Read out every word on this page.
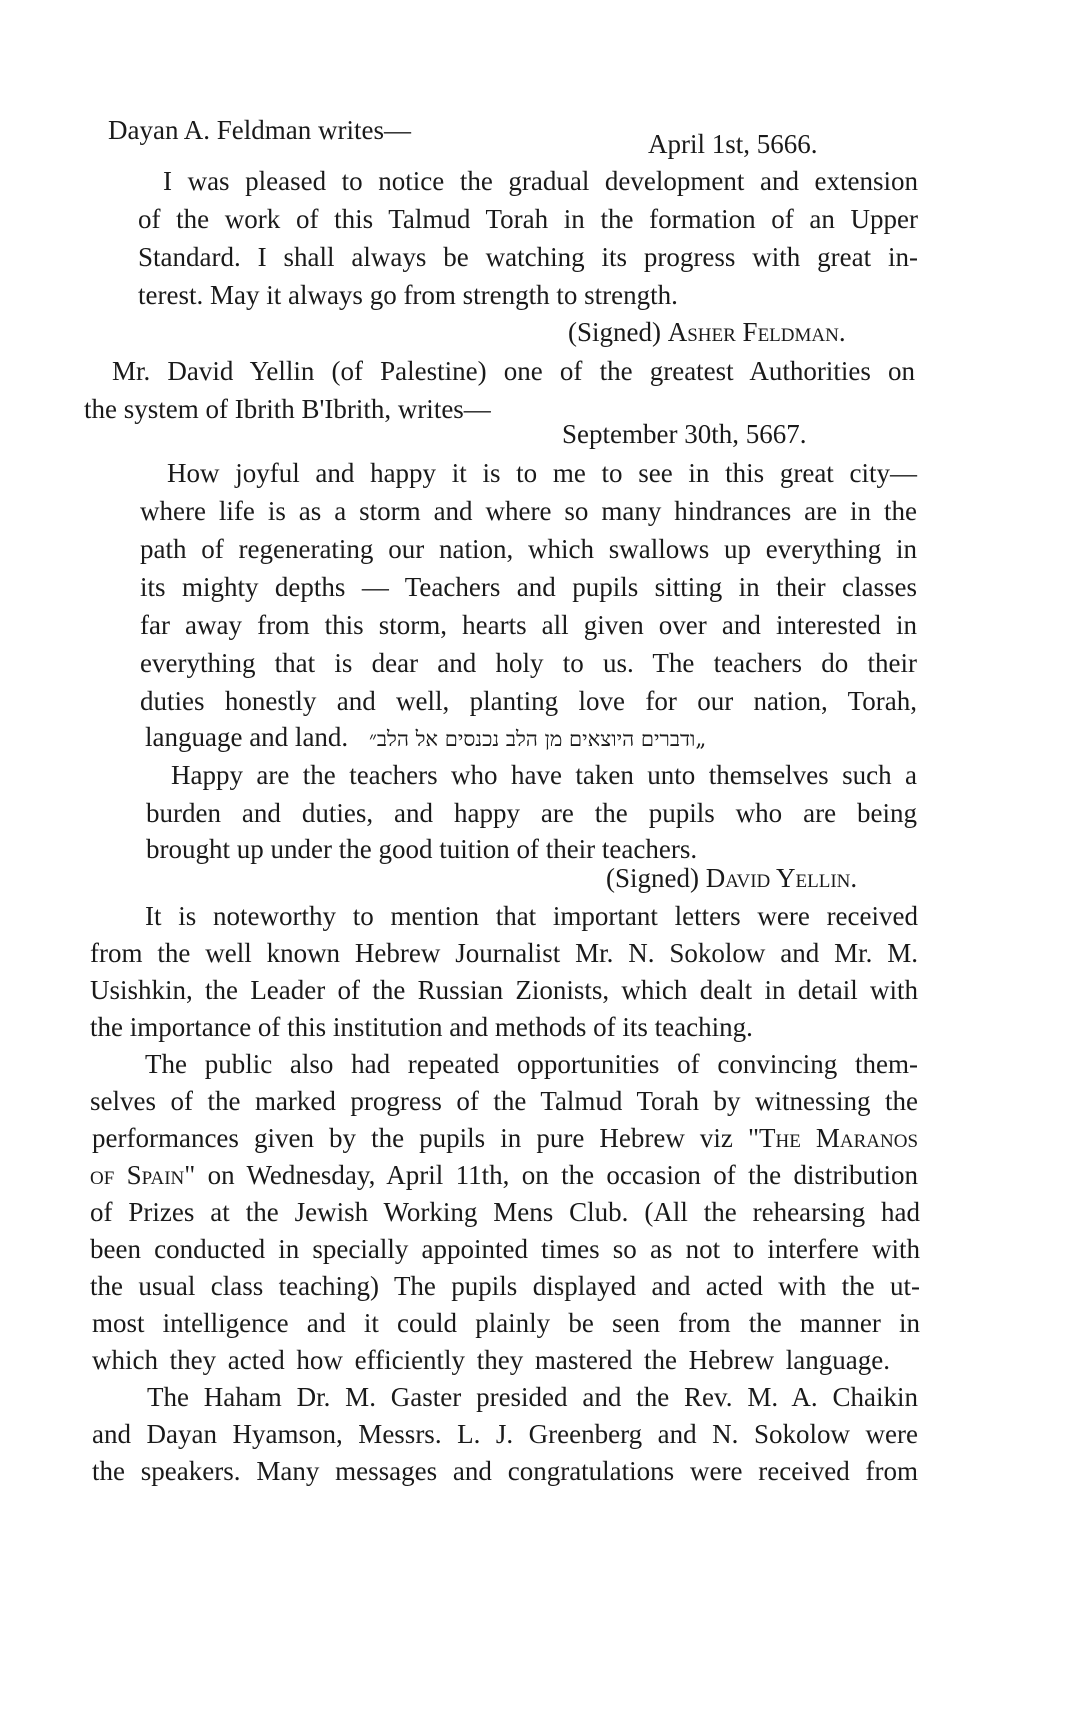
Dayan A. Feldman writes—	April 1st, 5666.
I was pleased to notice the gradual development and extension
of the work of this Talmud Torah in the formation of an Upper
Standard. I shall always be watching its progress with great in-
terest. May it always go from strength to strength.
(Signed) Asher Feldman.
Mr. David Yellin (of Palestine) one of the greatest Authorities on
the system of Ibrith B'Ibrith, writes—
September 30th, 5667.
How joyful and happy it is to me to see in this great city—
where life is as a storm and where so many hindrances are in the
path of regenerating our nation, which swallows up everything in
its mighty depths — Teachers and pupils sitting in their classes
far away from this storm, hearts all given over and interested in
everything that is dear and holy to us. The teachers do their
duties honestly and well, planting love for our nation, Torah,
language and land. „ודברים היוצאים מן הלב נכנסים אל הלב״
Happy are the teachers who have taken unto themselves such a
burden and duties, and happy are the pupils who are being
brought up under the good tuition of their teachers.
(Signed) David Yellin.
It is noteworthy to mention that important letters were received
from the well known Hebrew Journalist Mr. N. Sokolow and Mr. M.
Usishkin, the Leader of the Russian Zionists, which dealt in detail with
the importance of this institution and methods of its teaching.
The public also had repeated opportunities of convincing them-
selves of the marked progress of the Talmud Torah by witnessing the
performances given by the pupils in pure Hebrew viz "The Maranos
of Spain" on Wednesday, April 11th, on the occasion of the distribution
of Prizes at the Jewish Working Mens Club. (All the rehearsing had
been conducted in specially appointed times so as not to interfere with
the usual class teaching) The pupils displayed and acted with the ut-
most intelligence and it could plainly be seen from the manner in
which they acted how efficiently they mastered the Hebrew language.
The Haham Dr. M. Gaster presided and the Rev. M. A. Chaikin
and Dayan Hyamson, Messrs. L. J. Greenberg and N. Sokolow were
the speakers. Many messages and congratulations were received from
